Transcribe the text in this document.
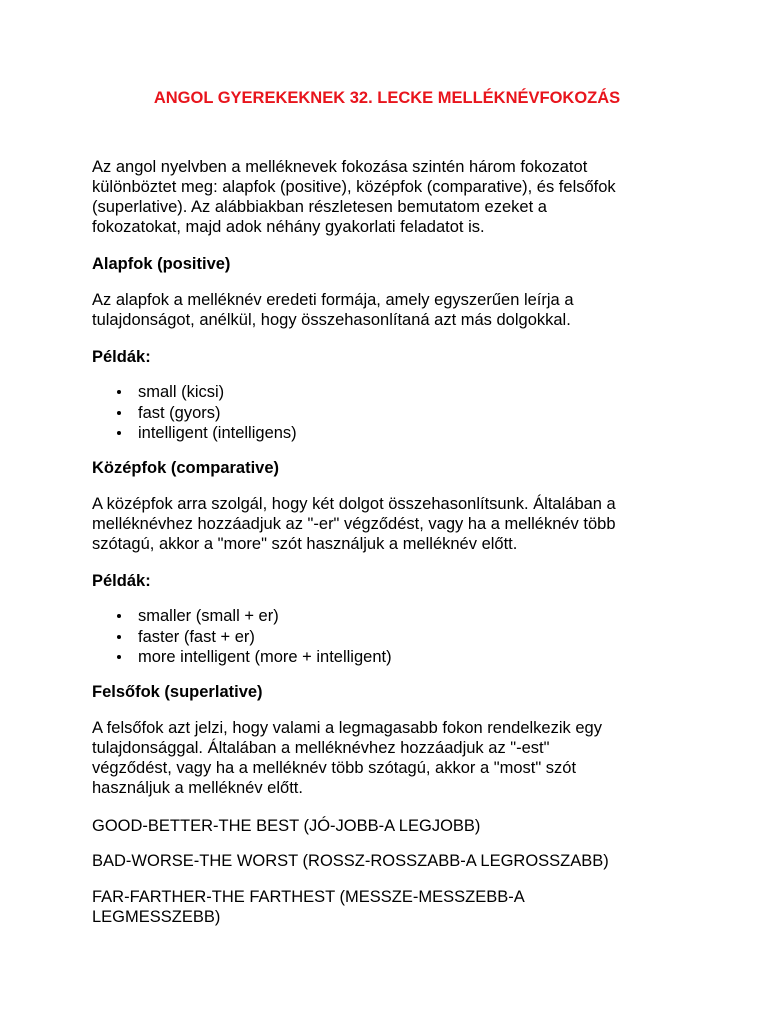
ANGOL GYEREKEKNEK 32. LECKE MELLÉKNÉVFOKOZÁS
Az angol nyelvben a melléknevek fokozása szintén három fokozatot
különböztet meg: alapfok (positive), középfok (comparative), és felsőfok
(superlative). Az alábbiakban részletesen bemutatom ezeket a
fokozatokat, majd adok néhány gyakorlati feladatot is.
Alapfok (positive)
Az alapfok a melléknév eredeti formája, amely egyszerűen leírja a
tulajdonságot, anélkül, hogy összehasonlítaná azt más dolgokkal.
Példák:
small (kicsi)
fast (gyors)
intelligent (intelligens)
Középfok (comparative)
A középfok arra szolgál, hogy két dolgot összehasonlítsunk. Általában a
melléknévhez hozzáadjuk az "-er" végződést, vagy ha a melléknév több
szótagú, akkor a "more" szót használjuk a melléknév előtt.
Példák:
smaller (small + er)
faster (fast + er)
more intelligent (more + intelligent)
Felsőfok (superlative)
A felsőfok azt jelzi, hogy valami a legmagasabb fokon rendelkezik egy
tulajdonsággal. Általában a melléknévhez hozzáadjuk az "-est"
végződést, vagy ha a melléknév több szótagú, akkor a "most" szót
használjuk a melléknév előtt.
GOOD-BETTER-THE BEST (JÓ-JOBB-A LEGJOBB)
BAD-WORSE-THE WORST (ROSSZ-ROSSZABB-A LEGROSSZABB)
FAR-FARTHER-THE FARTHEST (MESSZE-MESSZEBB-A
LEGMESSZEBB)
